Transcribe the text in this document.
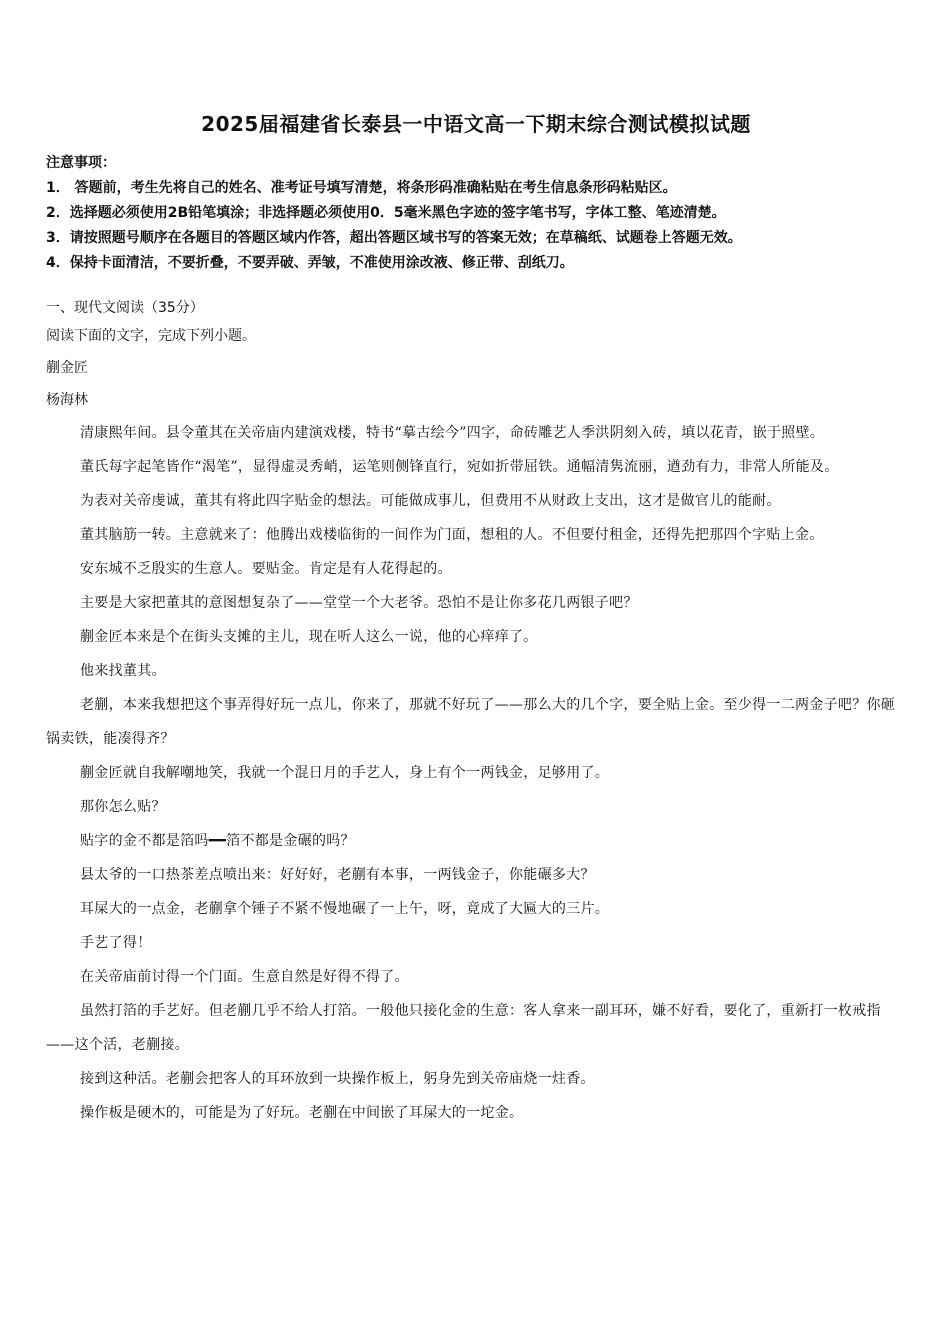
2025届福建省长泰县一中语文高一下期末综合测试模拟试题

注意事项：

1． 答题前，考生先将自己的姓名、准考证号填写清楚，将条形码准确粘贴在考生信息条形码粘贴区。

2．选择题必须使用2B铅笔填涂；非选择题必须使用0．5毫米黑色字迹的签字笔书写，字体工整、笔迹清楚。

3．请按照题号顺序在各题目的答题区域内作答，超出答题区域书写的答案无效；在草稿纸、试题卷上答题无效。

4．保持卡面清洁，不要折叠，不要弄破、弄皱，不准使用涂改液、修正带、刮纸刀。

一、现代文阅读（35分）

阅读下面的文字，完成下列小题。

蒯金匠

杨海林

清康熙年间。县令董其在关帝庙内建演戏楼，特书“摹古绘今”四字，命砖雕艺人季洪阴刻入砖，填以花青，嵌于照壁。

董氏每字起笔皆作“渴笔”，显得虚灵秀峭，运笔则侧锋直行，宛如折带屈铁。通幅清隽流丽，遒劲有力，非常人所能及。

为表对关帝虔诚，董其有将此四字贴金的想法。可能做成事儿，但费用不从财政上支出，这才是做官儿的能耐。

董其脑筋一转。主意就来了：他腾出戏楼临街的一间作为门面，想租的人。不但要付租金，还得先把那四个字贴上金。

安东城不乏殷实的生意人。要贴金。肯定是有人花得起的。

主要是大家把董其的意图想复杂了——堂堂一个大老爷。恐怕不是让你多花几两银子吧？

蒯金匠本来是个在街头支摊的主儿，现在听人这么一说，他的心痒痒了。

他来找董其。

老蒯，本来我想把这个事弄得好玩一点儿，你来了，那就不好玩了——那么大的几个字，要全贴上金。至少得一二两金子吧？你砸锅卖铁，能凑得齐？

蒯金匠就自我解嘲地笑，我就一个混日月的手艺人，身上有个一两钱金，足够用了。

那你怎么贴？

贴字的金不都是箔吗━━箔不都是金碾的吗？

县太爷的一口热茶差点喷出来：好好好，老蒯有本事，一两钱金子，你能碾多大？

耳屎大的一点金，老蒯拿个锤子不紧不慢地碾了一上午，呀，竟成了大匾大的三片。

手艺了得！

在关帝庙前讨得一个门面。生意自然是好得不得了。

虽然打箔的手艺好。但老蒯几乎不给人打箔。一般他只接化金的生意：客人拿来一副耳环，嫌不好看，要化了，重新打一枚戒指——这个活，老蒯接。

接到这种活。老蒯会把客人的耳环放到一块操作板上，躬身先到关帝庙烧一炷香。

操作板是硬木的，可能是为了好玩。老蒯在中间嵌了耳屎大的一坨金。
